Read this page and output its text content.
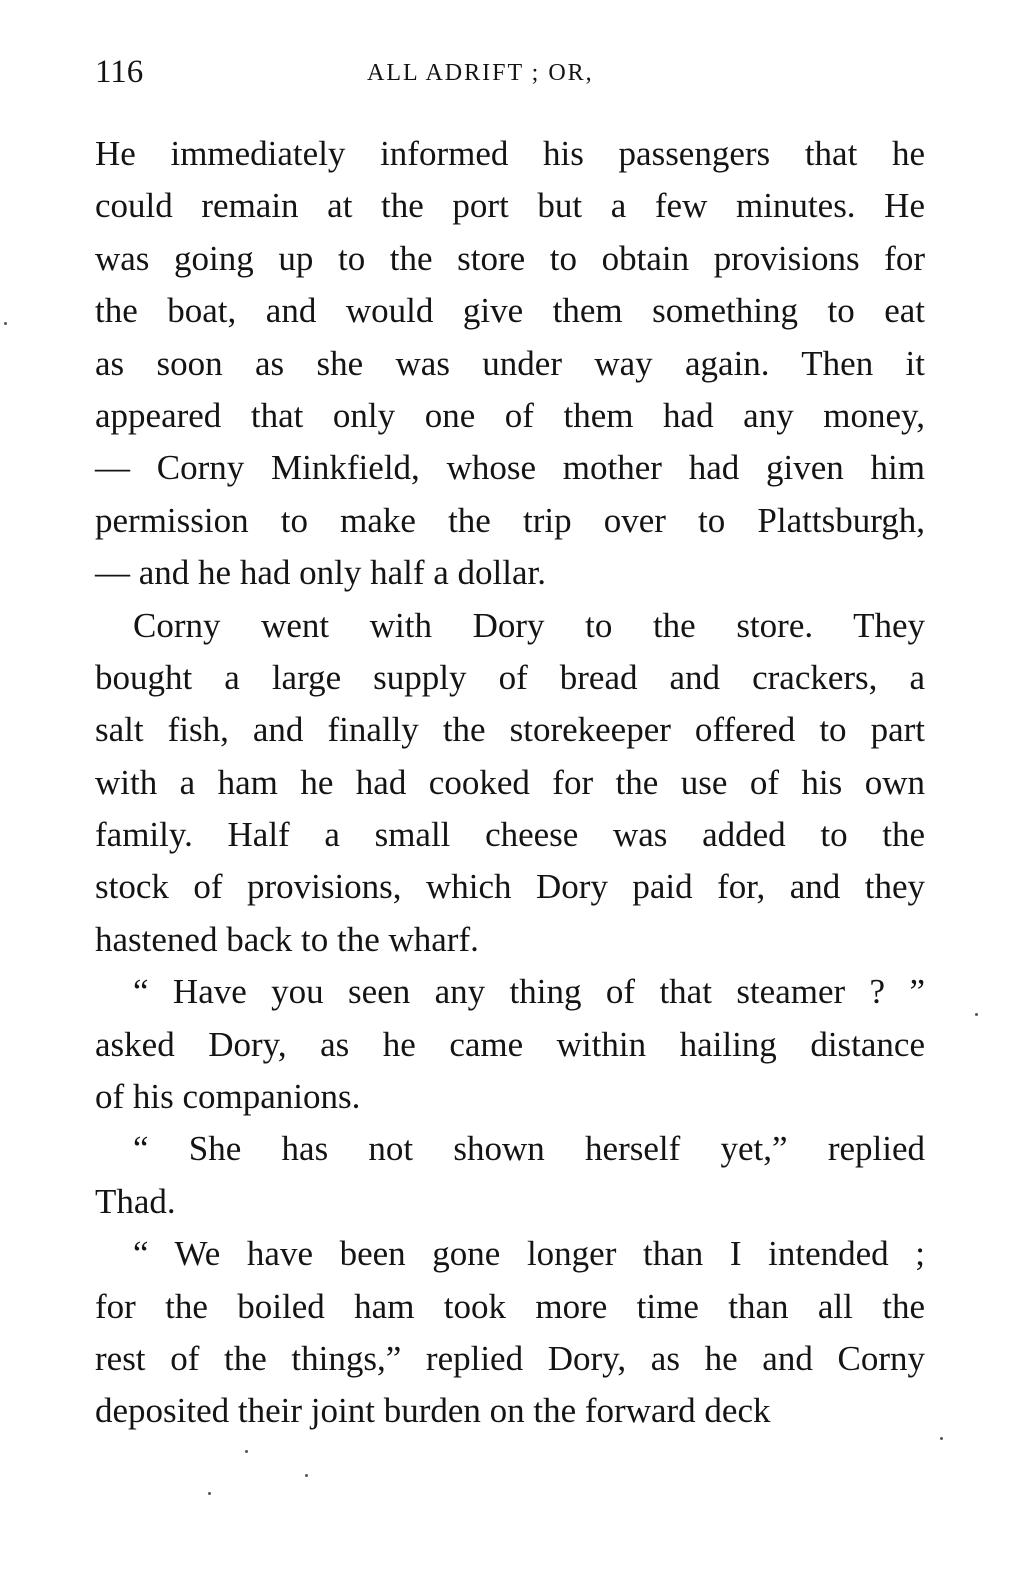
116	ALL ADRIFT ; OR,

He immediately informed his passengers that he
could remain at the port but a few minutes. He
was going up to the store to obtain provisions for
the boat, and would give them something to eat
as soon as she was under way again. Then it
appeared that only one of them had any money,
— Corny Minkfield, whose mother had given him
permission to make the trip over to Plattsburgh,
— and he had only half a dollar.

Corny went with Dory to the store. They
bought a large supply of bread and crackers, a
salt fish, and finally the storekeeper offered to part
with a ham he had cooked for the use of his own
family. Half a small cheese was added to the
stock of provisions, which Dory paid for, and they
hastened back to the wharf.

“ Have you seen any thing of that steamer ? ”
asked Dory, as he came within hailing distance
of his companions.

“ She has not shown herself yet,” replied
Thad.

“ We have been gone longer than I intended ;
for the boiled ham took more time than all the
rest of the things,” replied Dory, as he and Corny
deposited their joint burden on the forward deck
